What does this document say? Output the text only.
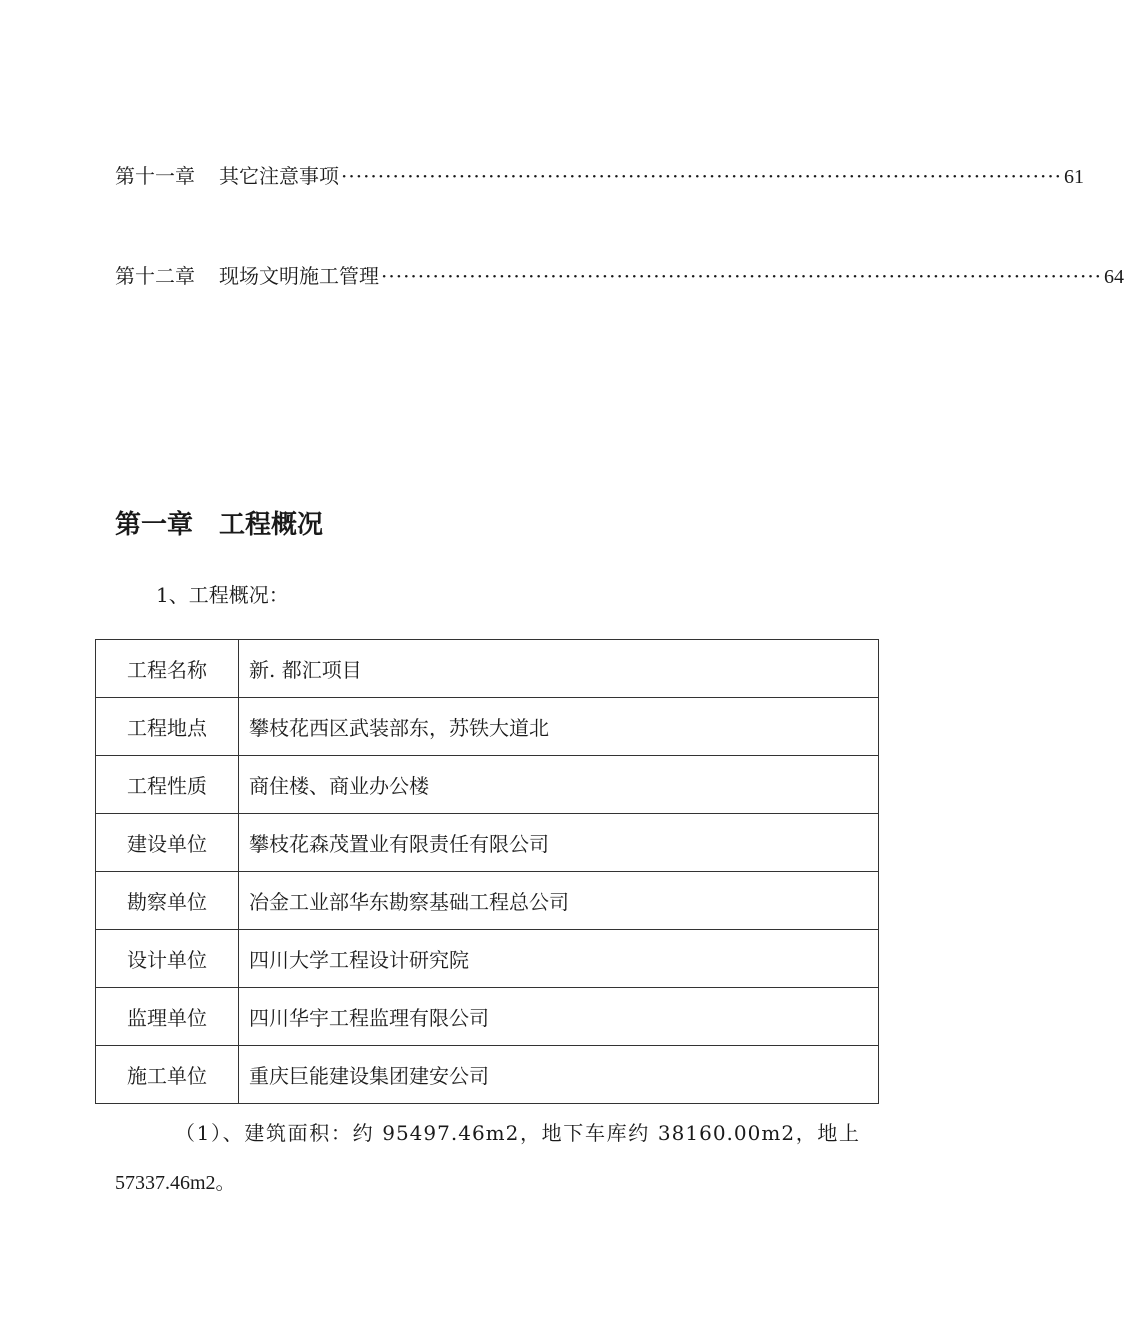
第十一章 其它注意事项 ·································································································· 61
第十二章 现场文明施工管理 ·································································································· 64
第一章 工程概况
1、工程概况：
工程名称	新. 都汇项目
工程地点	攀枝花西区武装部东，苏铁大道北
工程性质	商住楼、商业办公楼
建设单位	攀枝花森茂置业有限责任有限公司
勘察单位	冶金工业部华东勘察基础工程总公司
设计单位	四川大学工程设计研究院
监理单位	四川华宇工程监理有限公司
施工单位	重庆巨能建设集团建安公司
（1）、建筑面积：约 95497.46m2，地下车库约 38160.00m2，地上
57337.46m2。
